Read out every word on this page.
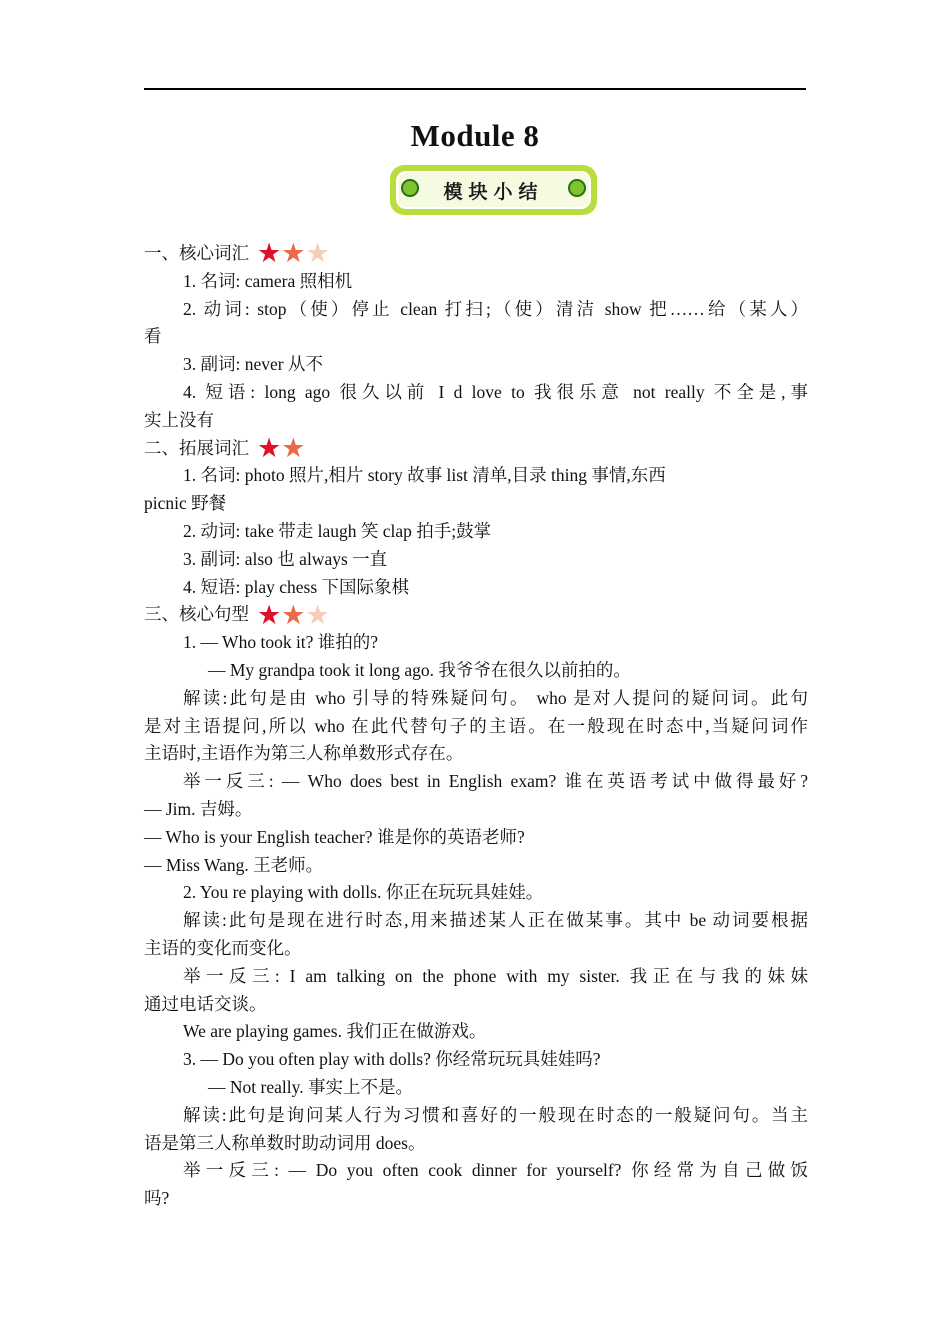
Module 8
模块小结
一、核心词汇 ★ ★ ★
1. 名词: camera 照相机
2. 动词: stop（使）停止 clean 打扫;（使）清洁 show 把……给（某人）
看
3. 副词: never 从不
4. 短语: long ago 很久以前 I d love to 我很乐意 not really 不全是,事
实上没有
二、拓展词汇 ★ ★
1. 名词: photo 照片,相片 story 故事 list 清单,目录 thing 事情,东西
picnic 野餐
2. 动词: take 带走 laugh 笑 clap 拍手;鼓掌
3. 副词: also 也 always 一直
4. 短语: play chess 下国际象棋
三、核心句型 ★ ★ ★
1. — Who took it? 谁拍的?
— My grandpa took it long ago. 我爷爷在很久以前拍的。
解读:此句是由 who 引导的特殊疑问句。 who 是对人提问的疑问词。此句
是对主语提问,所以 who 在此代替句子的主语。在一般现在时态中,当疑问词作
主语时,主语作为第三人称单数形式存在。
举一反三: — Who does best in English exam? 谁在英语考试中做得最好?
— Jim. 吉姆。
— Who is your English teacher? 谁是你的英语老师?
— Miss Wang. 王老师。
2. You re playing with dolls. 你正在玩玩具娃娃。
解读:此句是现在进行时态,用来描述某人正在做某事。其中 be 动词要根据
主语的变化而变化。
举一反三: I am talking on the phone with my sister. 我正在与我的妹妹
通过电话交谈。
We are playing games. 我们正在做游戏。
3. — Do you often play with dolls? 你经常玩玩具娃娃吗?
— Not really. 事实上不是。
解读:此句是询问某人行为习惯和喜好的一般现在时态的一般疑问句。当主
语是第三人称单数时助动词用 does。
举一反三: — Do you often cook dinner for yourself? 你经常为自己做饭
吗?
